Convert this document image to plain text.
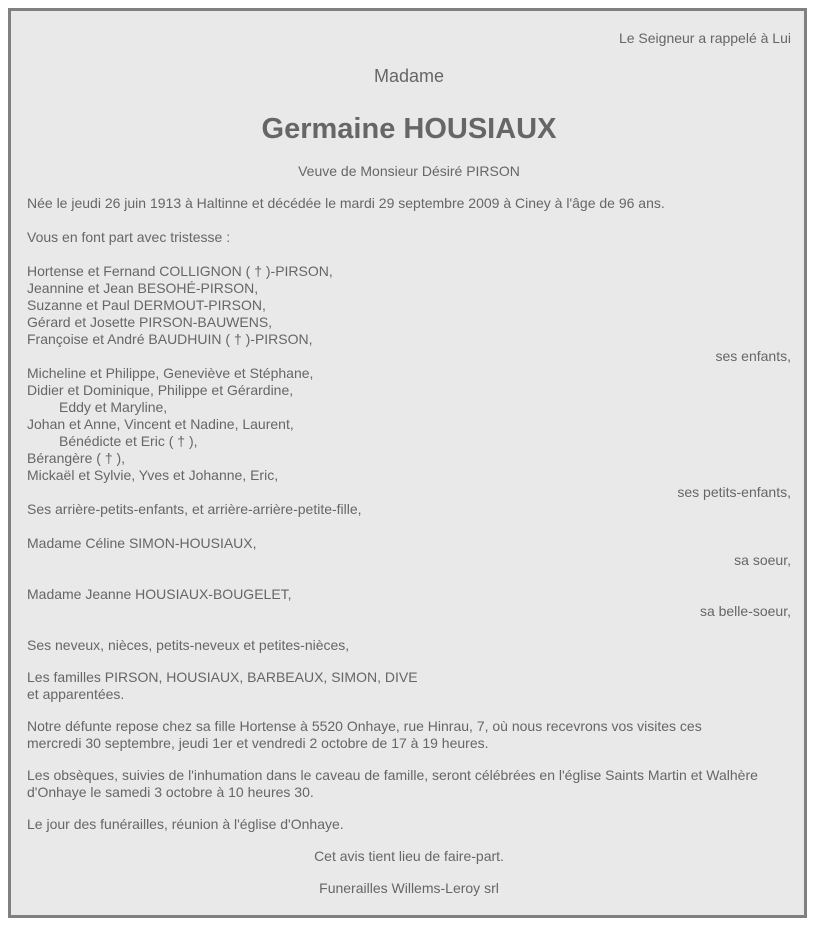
Le Seigneur a rappelé à Lui
Madame
Germaine HOUSIAUX
Veuve de Monsieur Désiré PIRSON
Née le jeudi 26 juin 1913 à Haltinne et décédée le mardi 29 septembre 2009 à Ciney à l'âge de 96 ans.
Vous en font part avec tristesse :
Hortense et Fernand COLLIGNON ( † )-PIRSON,
Jeannine et Jean BESOHÉ-PIRSON,
Suzanne et Paul DERMOUT-PIRSON,
Gérard et Josette PIRSON-BAUWENS,
Françoise et André BAUDHUIN ( † )-PIRSON,
ses enfants,
Micheline et Philippe, Geneviève et Stéphane,
Didier et Dominique, Philippe et Gérardine,
Eddy et Maryline,
Johan et Anne, Vincent et Nadine, Laurent,
Bénédicte et Eric ( † ),
Bérangère ( † ),
Mickaël et Sylvie, Yves et Johanne, Eric,
ses petits-enfants,
Ses arrière-petits-enfants, et arrière-arrière-petite-fille,
Madame Céline SIMON-HOUSIAUX,
sa soeur,
Madame Jeanne HOUSIAUX-BOUGELET,
sa belle-soeur,
Ses neveux, nièces, petits-neveux et petites-nièces,
Les familles PIRSON, HOUSIAUX, BARBEAUX, SIMON, DIVE
et apparentées.
Notre défunte repose chez sa fille Hortense à 5520 Onhaye, rue Hinrau, 7, où nous recevrons vos visites ces
mercredi 30 septembre, jeudi 1er et vendredi 2 octobre de 17 à 19 heures.
Les obsèques, suivies de l'inhumation dans le caveau de famille, seront célébrées en l'église Saints Martin et Walhère
d'Onhaye le samedi 3 octobre à 10 heures 30.
Le jour des funérailles, réunion à l'église d'Onhaye.
Cet avis tient lieu de faire-part.
Funerailles Willems-Leroy srl
